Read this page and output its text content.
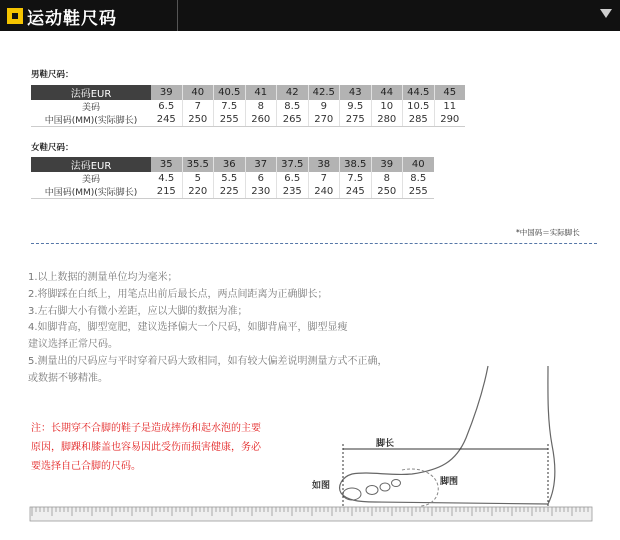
运动鞋尺码
男鞋尺码：
法码EUR	39	40	40.5	41	42	42.5	43	44	44.5	45
美码	6.5	7	7.5	8	8.5	9	9.5	10	10.5	11
中国码(MM)(实际脚长)	245	250	255	260	265	270	275	280	285	290
女鞋尺码：
法码EUR	35	35.5	36	37	37.5	38	38.5	39	40
美码	4.5	5	5.5	6	6.5	7	7.5	8	8.5
中国码(MM)(实际脚长)	215	220	225	230	235	240	245	250	255
*中国码＝实际脚长
1.以上数据的测量单位均为毫米；
2.将脚踩在白纸上，用笔点出前后最长点，两点间距离为正确脚长；
3.左右脚大小有微小差距，应以大脚的数据为准；
4.如脚背高，脚型宽肥，建议选择偏大一个尺码，如脚背扁平，脚型显瘦
建议选择正常尺码。
5.测量出的尺码应与平时穿着尺码大致相同，如有较大偏差说明测量方式不正确，
或数据不够精准。
脚长
脚围
如图
注：长期穿不合脚的鞋子是造成摔伤和起水泡的主要
原因，脚踝和膝盖也容易因此受伤而损害健康，务必
要选择自己合脚的尺码。
